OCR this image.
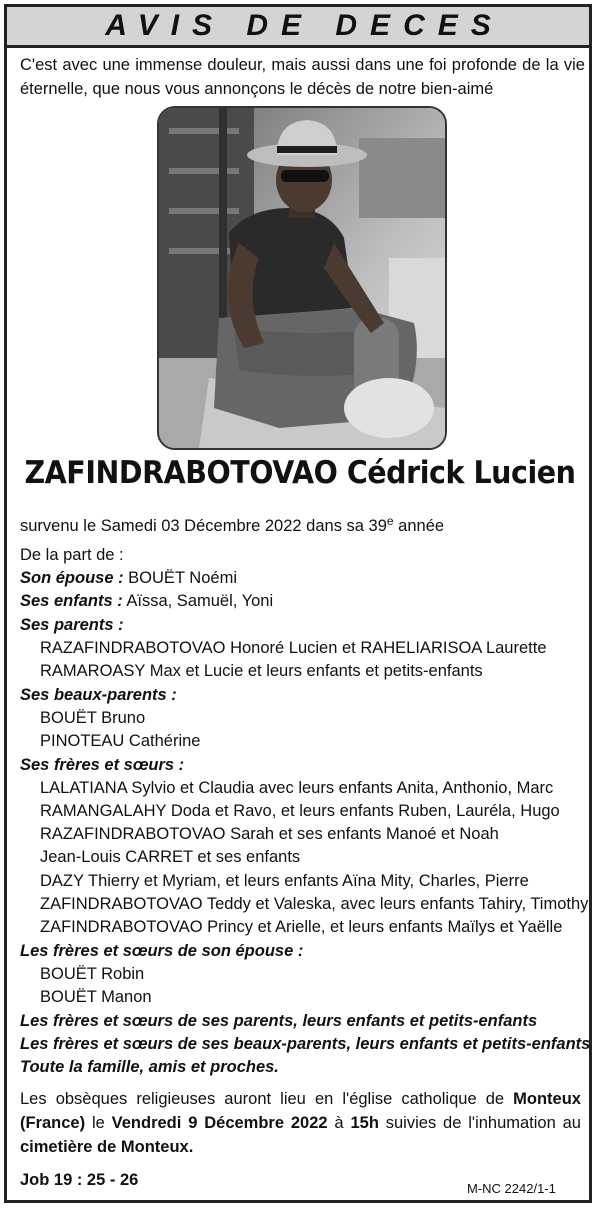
AVIS DE DECES
C'est avec une immense douleur, mais aussi dans une foi profonde de la vie éternelle, que nous vous annonçons le décès de notre bien-aimé
ZAFINDRABOTOVAO Cédrick Lucien
survenu le Samedi 03 Décembre 2022 dans sa 39e année
De la part de :
Son épouse : BOUËT Noémi
Ses enfants : Aïssa, Samuël, Yoni
Ses parents :
RAZAFINDRABOTOVAO Honoré Lucien et RAHELIARISOA Laurette
RAMAROASY Max et Lucie et leurs enfants et petits-enfants
Ses beaux-parents :
BOUËT Bruno
PINOTEAU Cathérine
Ses frères et sœurs :
LALATIANA Sylvio et Claudia avec leurs enfants Anita, Anthonio, Marc
RAMANGALAHY Doda et Ravo, et leurs enfants Ruben, Lauréla, Hugo
RAZAFINDRABOTOVAO Sarah et ses enfants Manoé et Noah
Jean-Louis CARRET et ses enfants
DAZY Thierry et Myriam, et leurs enfants Aïna Mity, Charles, Pierre
ZAFINDRABOTOVAO Teddy et Valeska, avec leurs enfants Tahiry, Timothy
ZAFINDRABOTOVAO Princy et Arielle, et leurs enfants Maïlys et Yaëlle
Les frères et sœurs de son épouse :
BOUËT Robin
BOUËT Manon
Les frères et sœurs de ses parents, leurs enfants et petits-enfants
Les frères et sœurs de ses beaux-parents, leurs enfants et petits-enfants
Toute la famille, amis et proches.
Les obsèques religieuses auront lieu en l'église catholique de Monteux (France) le Vendredi 9 Décembre 2022 à 15h suivies de l'inhumation au cimetière de Monteux.
Job 19 : 25 - 26	M-NC 2242/1-1
